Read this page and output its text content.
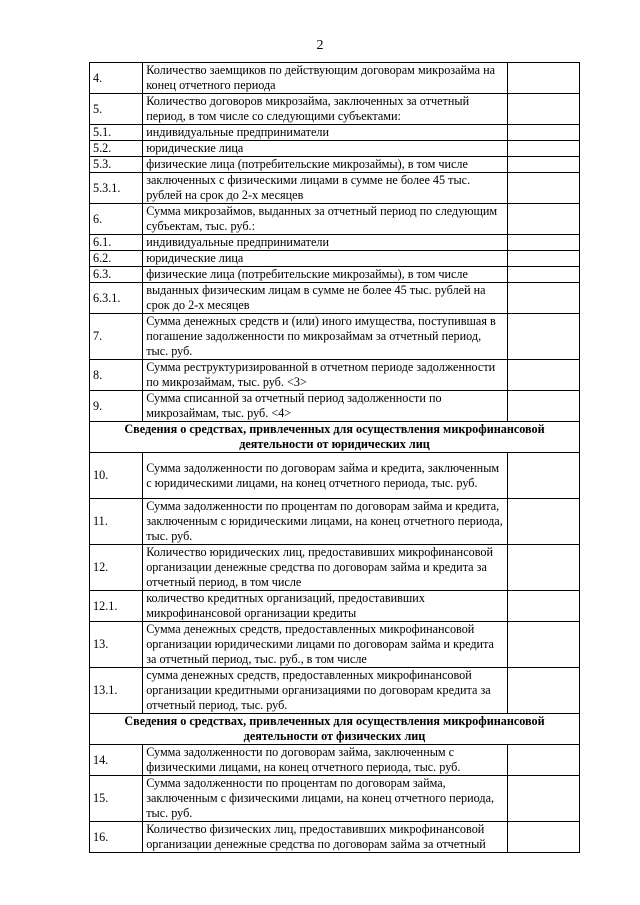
2
4.	Количество заемщиков по действующим договорам микрозайма на конец отчетного периода	
5.	Количество договоров микрозайма, заключенных за отчетный период, в том числе со следующими субъектами:	
5.1.	индивидуальные предприниматели	
5.2.	юридические лица	
5.3.	физические лица (потребительские микрозаймы), в том числе	
5.3.1.	заключенных с физическими лицами в сумме не более 45 тыс. рублей на срок до 2-х месяцев	
6.	Сумма микрозаймов, выданных за отчетный период по следующим субъектам, тыс. руб.:	
6.1.	индивидуальные предприниматели	
6.2.	юридические лица	
6.3.	физические лица (потребительские микрозаймы), в том числе	
6.3.1.	выданных физическим лицам в сумме не более 45 тыс. рублей на срок до 2-х месяцев	
7.	Сумма денежных средств и (или) иного имущества, поступившая в погашение задолженности по микрозаймам за отчетный период, тыс. руб.	
8.	Сумма реструктуризированной в отчетном периоде задолженности по микрозаймам, тыс. руб. <3>	
9.	Сумма списанной за отчетный период задолженности по микрозаймам, тыс. руб. <4>	
Сведения о средствах, привлеченных для осуществления микрофинансовой деятельности от юридических лиц		
10.	Сумма задолженности по договорам займа и кредита, заключенным с юридическими лицами, на конец отчетного периода, тыс. руб.	
11.	Сумма задолженности по процентам по договорам займа и кредита, заключенным с юридическими лицами, на конец отчетного периода, тыс. руб.	
12.	Количество юридических лиц, предоставивших микрофинансовой организации денежные средства по договорам займа и кредита за отчетный период, в том числе	
12.1.	количество кредитных организаций, предоставивших микрофинансовой организации кредиты	
13.	Сумма денежных средств, предоставленных микрофинансовой организации юридическими лицами по договорам займа и кредита за отчетный период, тыс. руб., в том числе	
13.1.	сумма денежных средств, предоставленных микрофинансовой организации кредитными организациями по договорам кредита за отчетный период, тыс. руб.	
Сведения о средствах, привлеченных для осуществления микрофинансовой деятельности от физических лиц		
14.	Сумма задолженности по договорам займа, заключенным с физическими лицами, на конец отчетного периода, тыс. руб.	
15.	Сумма задолженности по процентам по договорам займа, заключенным с физическими лицами, на конец отчетного периода, тыс. руб.	
16.	Количество физических лиц, предоставивших микрофинансовой организации денежные средства по договорам займа за отчетный	
